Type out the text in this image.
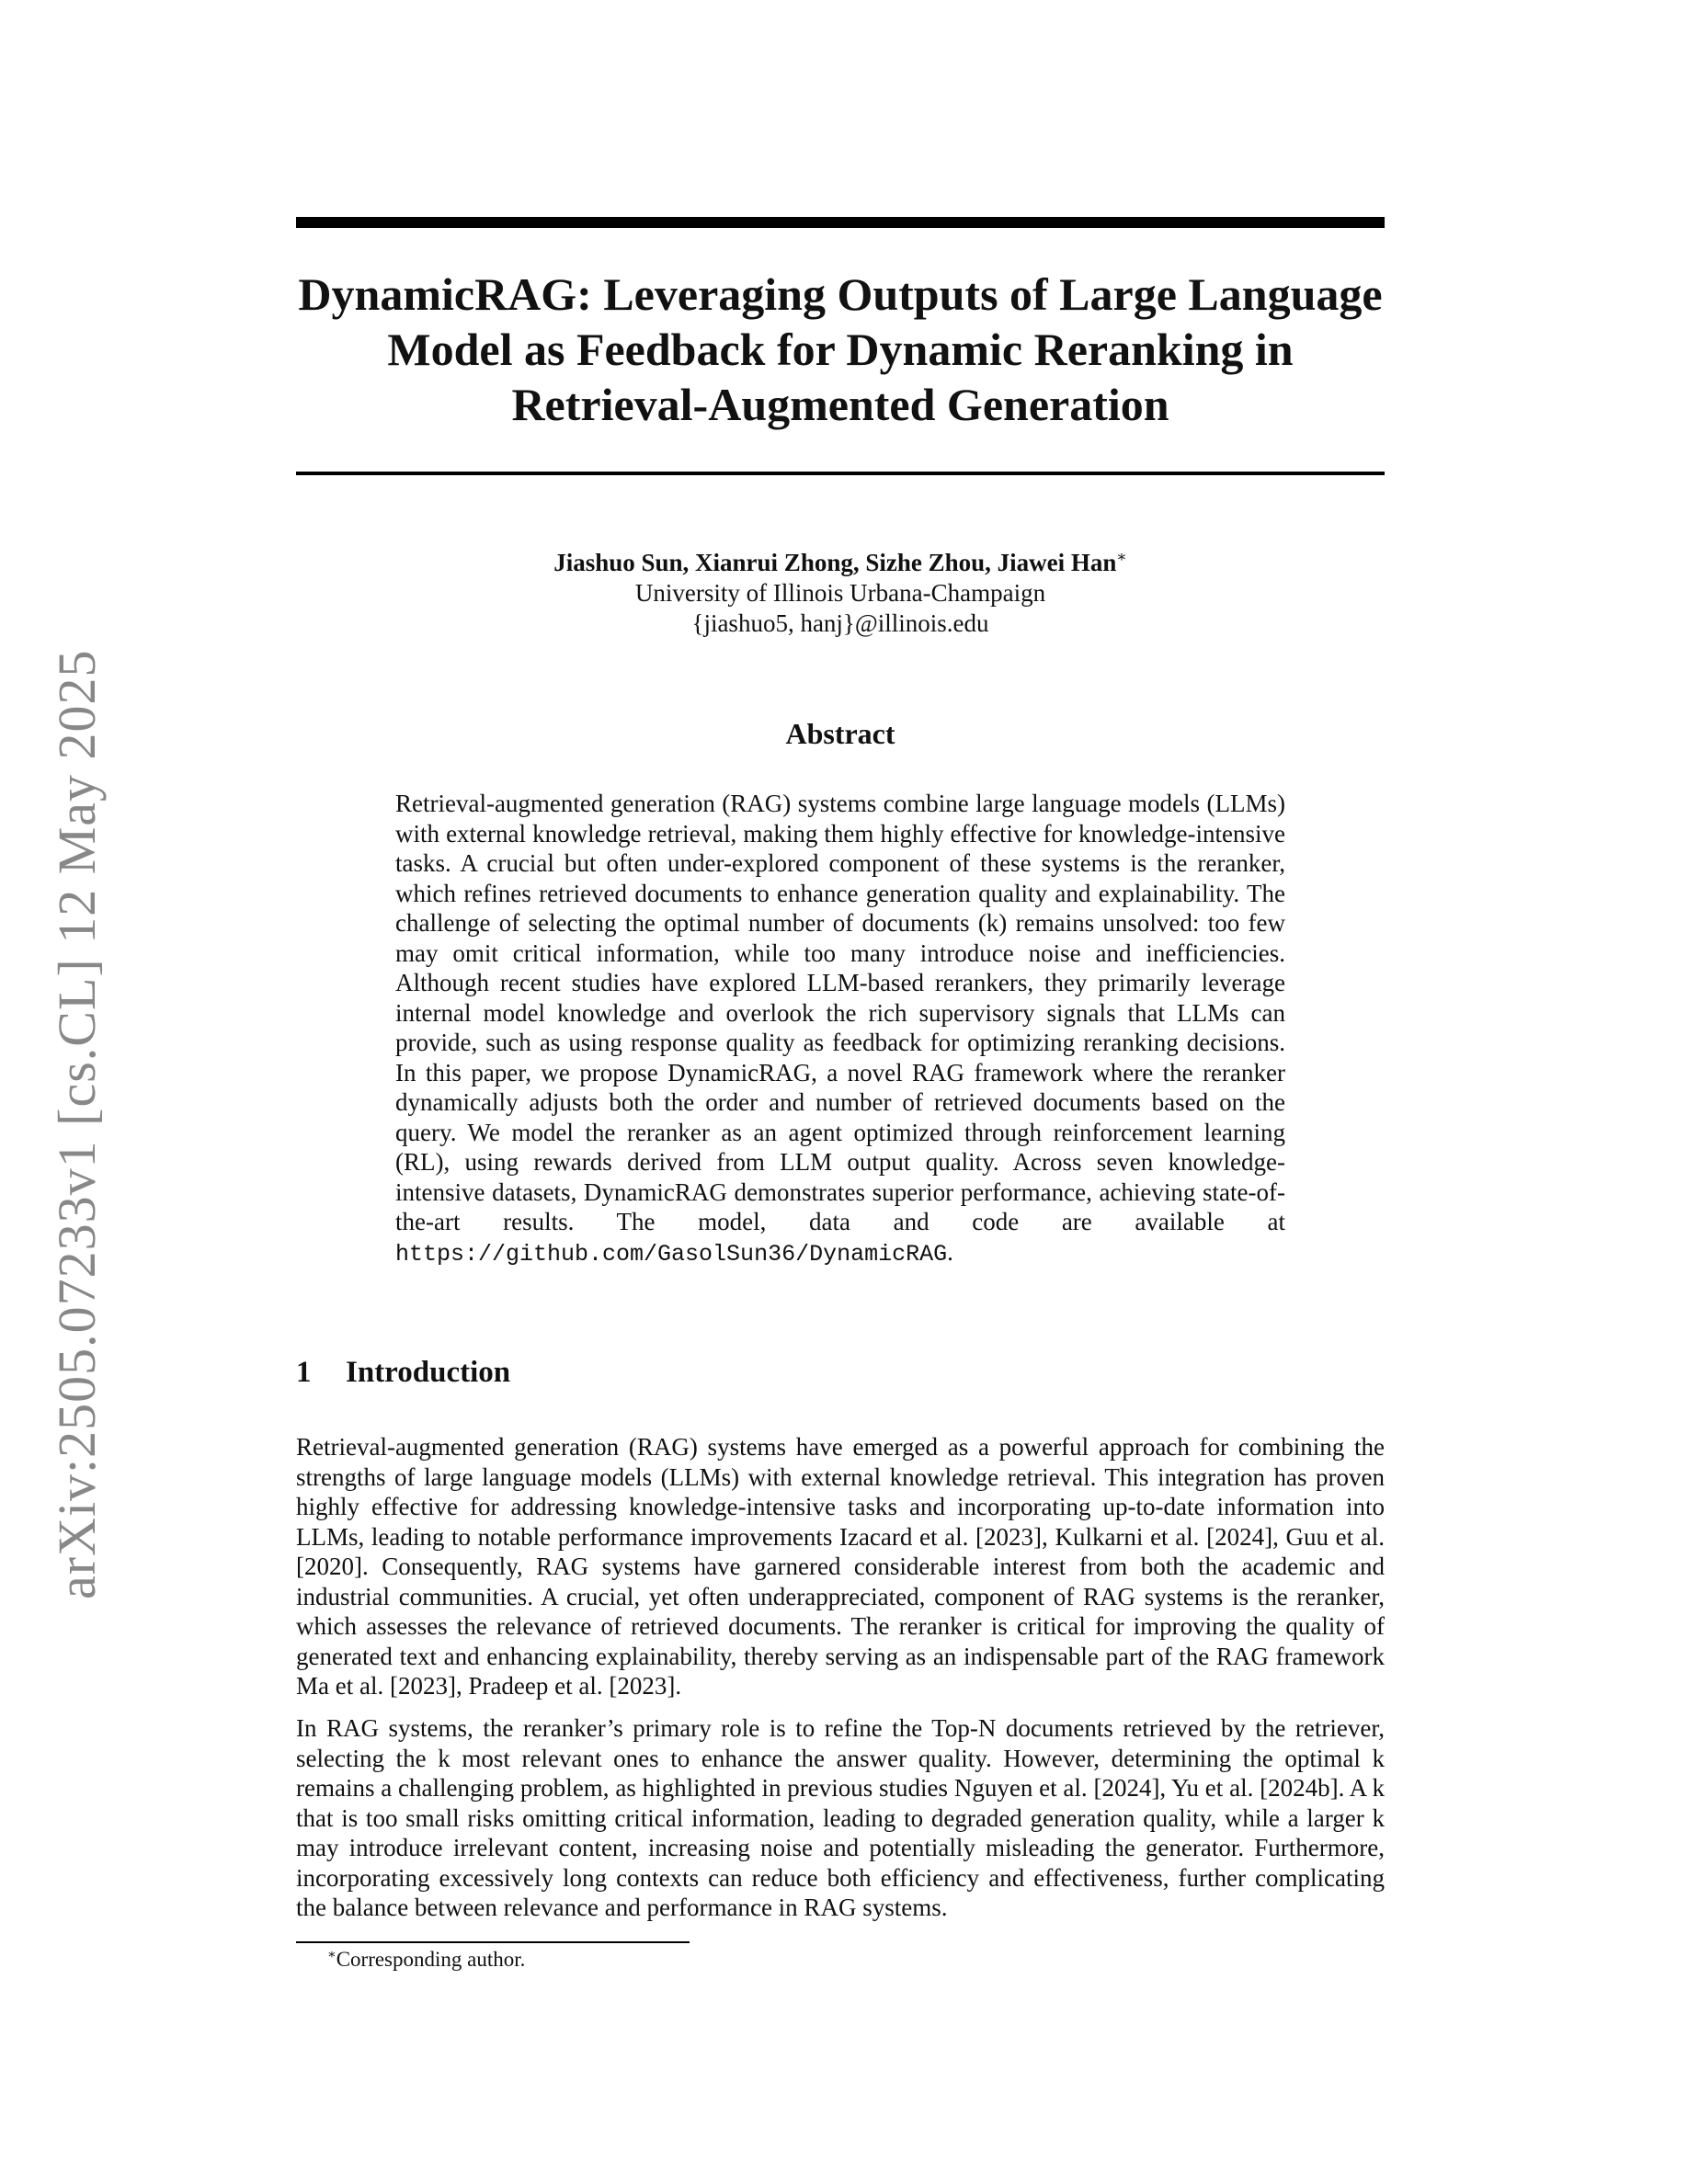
arXiv:2505.07233v1 [cs.CL] 12 May 2025
DynamicRAG: Leveraging Outputs of Large Language Model as Feedback for Dynamic Reranking in Retrieval-Augmented Generation
Jiashuo Sun, Xianrui Zhong, Sizhe Zhou, Jiawei Han∗
University of Illinois Urbana-Champaign
{jiashuo5, hanj}@illinois.edu
Abstract

Retrieval-augmented generation (RAG) systems combine large language models (LLMs) with external knowledge retrieval, making them highly effective for knowledge-intensive tasks. A crucial but often under-explored component of these systems is the reranker, which refines retrieved documents to enhance generation quality and explainability. The challenge of selecting the optimal number of documents (k) remains unsolved: too few may omit critical information, while too many introduce noise and inefficiencies. Although recent studies have explored LLM-based rerankers, they primarily leverage internal model knowledge and overlook the rich supervisory signals that LLMs can provide, such as using response quality as feedback for optimizing reranking decisions. In this paper, we propose DynamicRAG, a novel RAG framework where the reranker dynamically adjusts both the order and number of retrieved documents based on the query. We model the reranker as an agent optimized through reinforcement learning (RL), using rewards derived from LLM output quality. Across seven knowledge-intensive datasets, DynamicRAG demonstrates superior performance, achieving state-of-the-art results. The model, data and code are available at https://github.com/GasolSun36/DynamicRAG.

1 Introduction

Retrieval-augmented generation (RAG) systems have emerged as a powerful approach for combining the strengths of large language models (LLMs) with external knowledge retrieval. This integration has proven highly effective for addressing knowledge-intensive tasks and incorporating up-to-date information into LLMs, leading to notable performance improvements Izacard et al. [2023], Kulkarni et al. [2024], Guu et al. [2020]. Consequently, RAG systems have garnered considerable interest from both the academic and industrial communities. A crucial, yet often underappreciated, component of RAG systems is the reranker, which assesses the relevance of retrieved documents. The reranker is critical for improving the quality of generated text and enhancing explainability, thereby serving as an indispensable part of the RAG framework Ma et al. [2023], Pradeep et al. [2023].

In RAG systems, the reranker’s primary role is to refine the Top-N documents retrieved by the retriever, selecting the k most relevant ones to enhance the answer quality. However, determining the optimal k remains a challenging problem, as highlighted in previous studies Nguyen et al. [2024], Yu et al. [2024b]. A k that is too small risks omitting critical information, leading to degraded generation quality, while a larger k may introduce irrelevant content, increasing noise and potentially misleading the generator. Furthermore, incorporating excessively long contexts can reduce both efficiency and effectiveness, further complicating the balance between relevance and performance in RAG systems.

∗Corresponding author.
